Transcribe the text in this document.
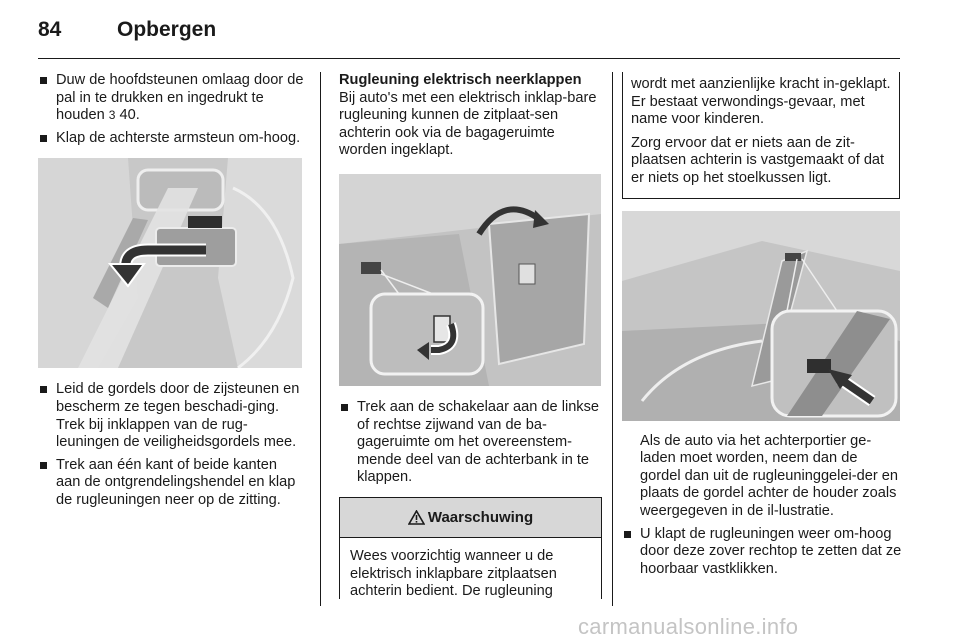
84	Opbergen
Duw de hoofdsteunen omlaag door de pal in te drukken en ingedrukt te houden 3 40.
Klap de achterste armsteun om-hoog.
Leid de gordels door de zijsteunen en bescherm ze tegen beschadi-ging. Trek bij inklappen van de rug-leuningen de veiligheidsgordels mee.
Trek aan één kant of beide kanten aan de ontgrendelingshendel en klap de rugleuningen neer op de zitting.
Rugleuning elektrisch neerklappen
Bij auto's met een elektrisch inklap-bare rugleuning kunnen de zitplaat-sen achterin ook via de bagageruimte worden ingeklapt.
Trek aan de schakelaar aan de linkse of rechtse zijwand van de ba-gageruimte om het overeenstem-mende deel van de achterbank in te klappen.
Waarschuwing
Wees voorzichtig wanneer u de elektrisch inklapbare zitplaatsen achterin bedient. De rugleuning
wordt met aanzienlijke kracht in-geklapt. Er bestaat verwondings-gevaar, met name voor kinderen.
Zorg ervoor dat er niets aan de zit-plaatsen achterin is vastgemaakt of dat er niets op het stoelkussen ligt.
Als de auto via het achterportier ge-laden moet worden, neem dan de gordel dan uit de rugleuninggelei-der en plaats de gordel achter de houder zoals weergegeven in de il-lustratie.
U klapt de rugleuningen weer om-hoog door deze zover rechtop te zetten dat ze hoorbaar vastklikken.
carmanualsonline.info
